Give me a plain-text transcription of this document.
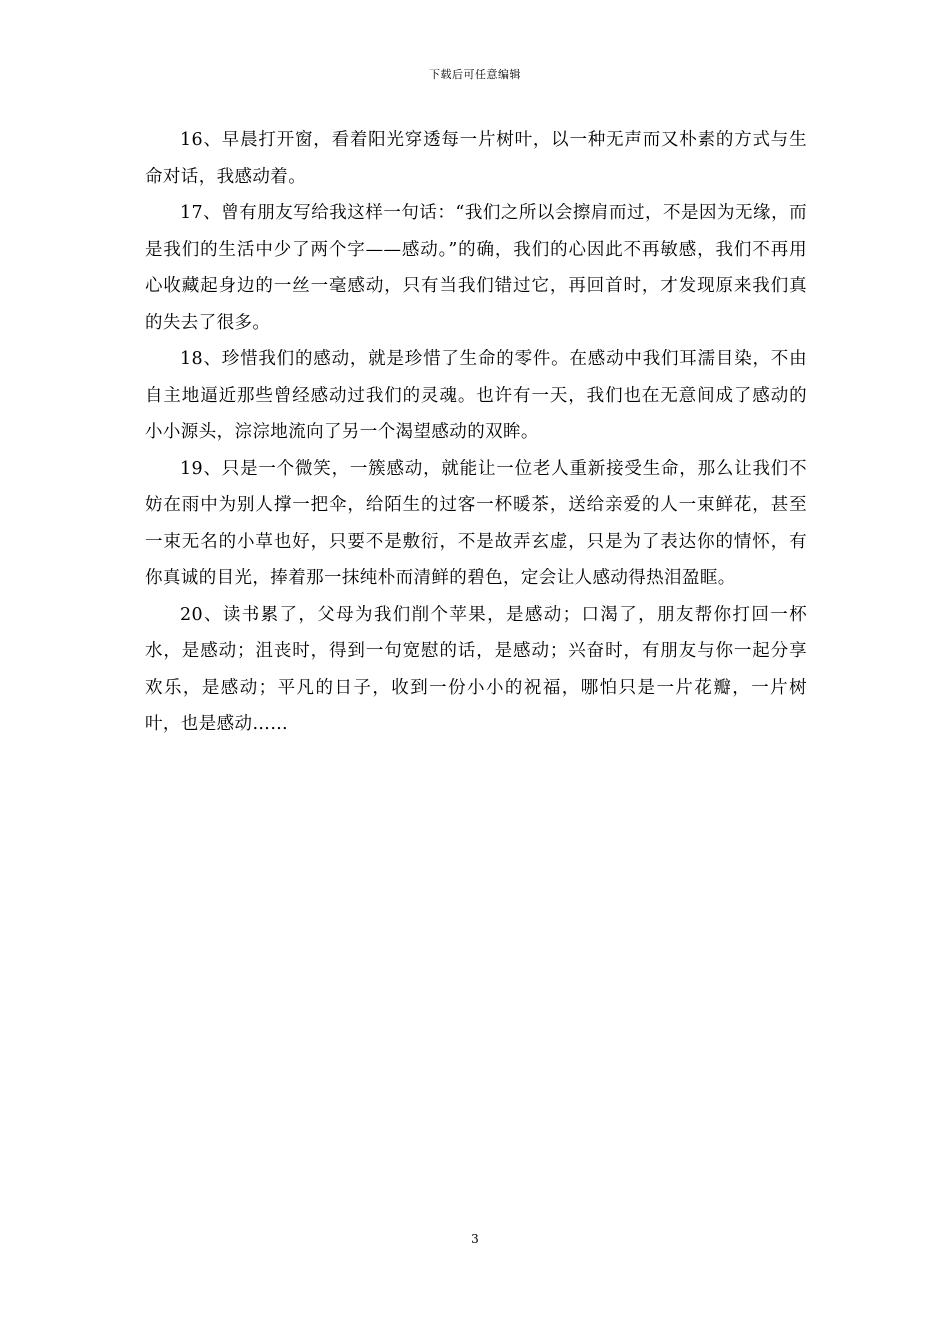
下载后可任意编辑

16、早晨打开窗，看着阳光穿透每一片树叶，以一种无声而又朴素的方式与生命对话，我感动着。

17、曾有朋友写给我这样一句话：“我们之所以会擦肩而过，不是因为无缘，而是我们的生活中少了两个字——感动。”的确，我们的心因此不再敏感，我们不再用心收藏起身边的一丝一毫感动，只有当我们错过它，再回首时，才发现原来我们真的失去了很多。

18、珍惜我们的感动，就是珍惜了生命的零件。在感动中我们耳濡目染，不由自主地逼近那些曾经感动过我们的灵魂。也许有一天，我们也在无意间成了感动的小小源头，淙淙地流向了另一个渴望感动的双眸。

19、只是一个微笑，一簇感动，就能让一位老人重新接受生命，那么让我们不妨在雨中为别人撑一把伞，给陌生的过客一杯暖茶，送给亲爱的人一束鲜花，甚至一束无名的小草也好，只要不是敷衍，不是故弄玄虚，只是为了表达你的情怀，有你真诚的目光，捧着那一抹纯朴而清鲜的碧色，定会让人感动得热泪盈眶。

20、读书累了，父母为我们削个苹果，是感动；口渴了，朋友帮你打回一杯水，是感动；沮丧时，得到一句宽慰的话，是感动；兴奋时，有朋友与你一起分享欢乐，是感动；平凡的日子，收到一份小小的祝福，哪怕只是一片花瓣，一片树叶，也是感动……

3
